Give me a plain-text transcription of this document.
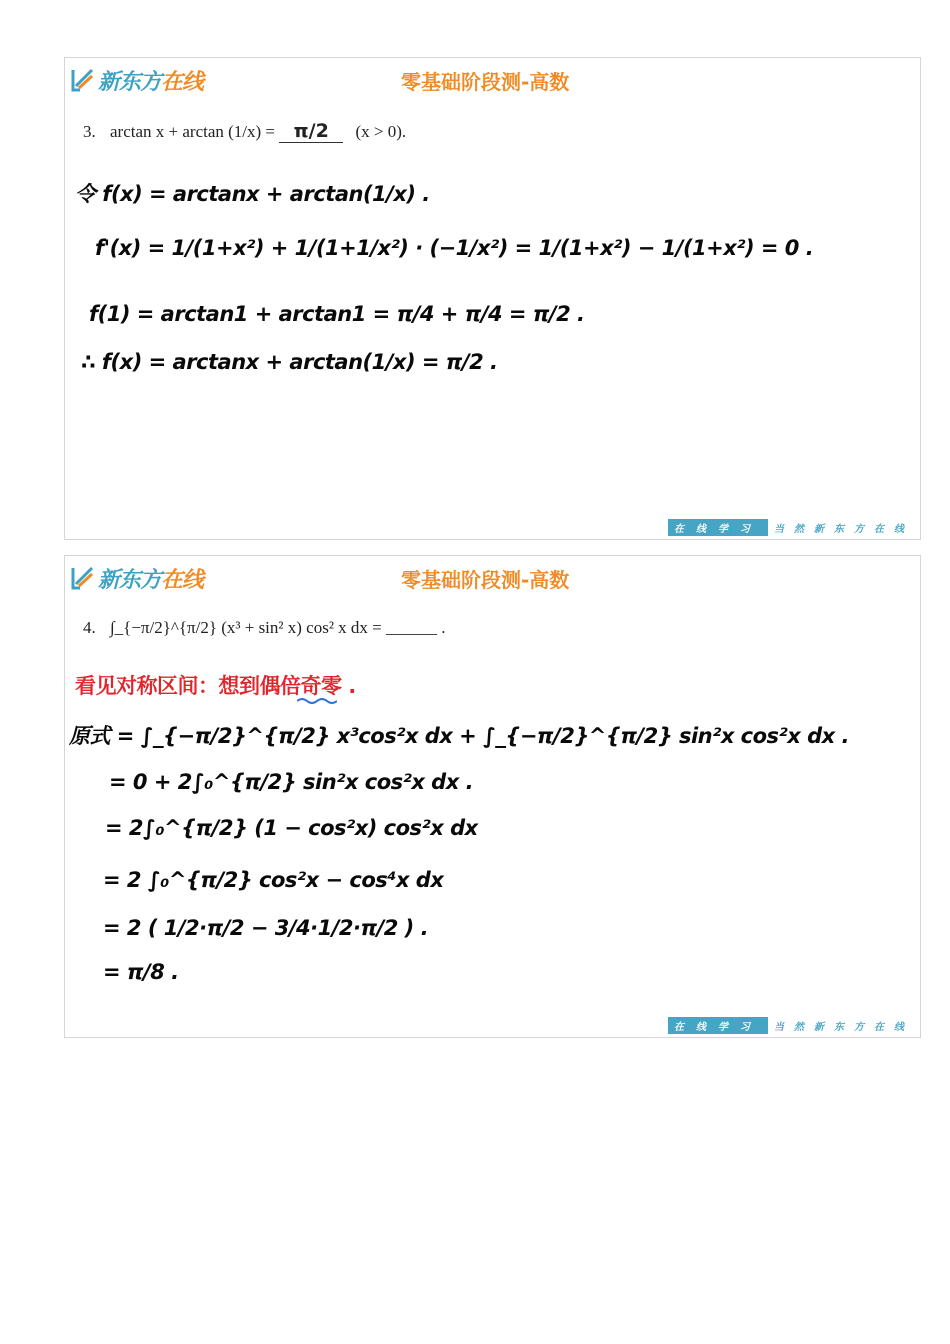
新东方在线	零基础阶段测-高数
3. arctan x + arctan (1/x) = π/2 (x > 0).
令 f(x) = arctanx + arctan(1/x) .
f'(x) = 1/(1+x²) + 1/(1+1/x²) · (−1/x²) = 1/(1+x²) − 1/(1+x²) = 0 .
f(1) = arctan1 + arctan1 = π/4 + π/4 = π/2 .
∴ f(x) = arctanx + arctan(1/x) = π/2 .
在线学习	当然新东方在线
新东方在线	零基础阶段测-高数
4. ∫_{−π/2}^{π/2} (x³ + sin² x) cos² x dx = ______ .
看见对称区间：想到偶倍奇零 .
原式 = ∫_{−π/2}^{π/2} x³cos²x dx + ∫_{−π/2}^{π/2} sin²x cos²x dx .
= 0 + 2∫₀^{π/2} sin²x cos²x dx .
= 2∫₀^{π/2} (1 − cos²x) cos²x dx
= 2 ∫₀^{π/2} cos²x − cos⁴x dx
= 2 ( 1/2·π/2 − 3/4·1/2·π/2 ) .
= π/8 .
在线学习	当然新东方在线
